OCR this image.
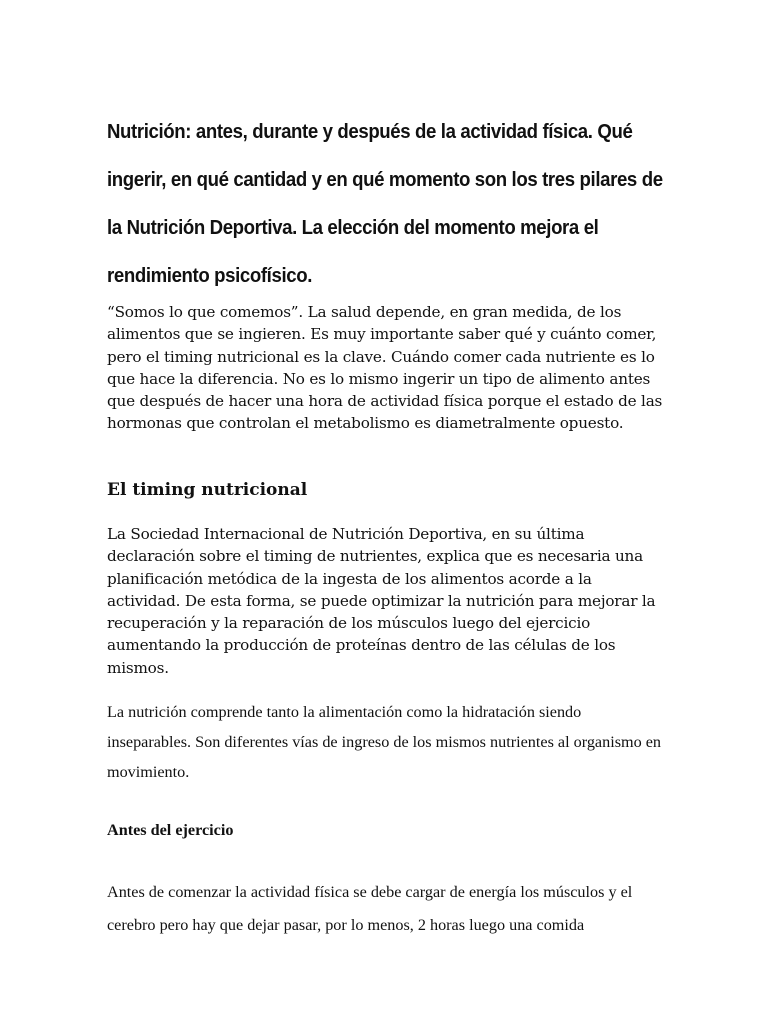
Nutrición: antes, durante y después de la actividad física. Qué ingerir, en qué cantidad y en qué momento son los tres pilares de la Nutrición Deportiva. La elección del momento mejora el rendimiento psicofísico.

“Somos lo que comemos”. La salud depende, en gran medida, de los alimentos que se ingieren. Es muy importante saber qué y cuánto comer, pero el timing nutricional es la clave. Cuándo comer cada nutriente es lo que hace la diferencia. No es lo mismo ingerir un tipo de alimento antes que después de hacer una hora de actividad física porque el estado de las hormonas que controlan el metabolismo es diametralmente opuesto.

El timing nutricional

La Sociedad Internacional de Nutrición Deportiva, en su última declaración sobre el timing de nutrientes, explica que es necesaria una planificación metódica de la ingesta de los alimentos acorde a la actividad. De esta forma, se puede optimizar la nutrición para mejorar la recuperación y la reparación de los músculos luego del ejercicio aumentando la producción de proteínas dentro de las células de los mismos.

La nutrición comprende tanto la alimentación como la hidratación siendo inseparables. Son diferentes vías de ingreso de los mismos nutrientes al organismo en movimiento.

Antes del ejercicio

Antes de comenzar la actividad física se debe cargar de energía los músculos y el cerebro pero hay que dejar pasar, por lo menos, 2 horas luego una comida
